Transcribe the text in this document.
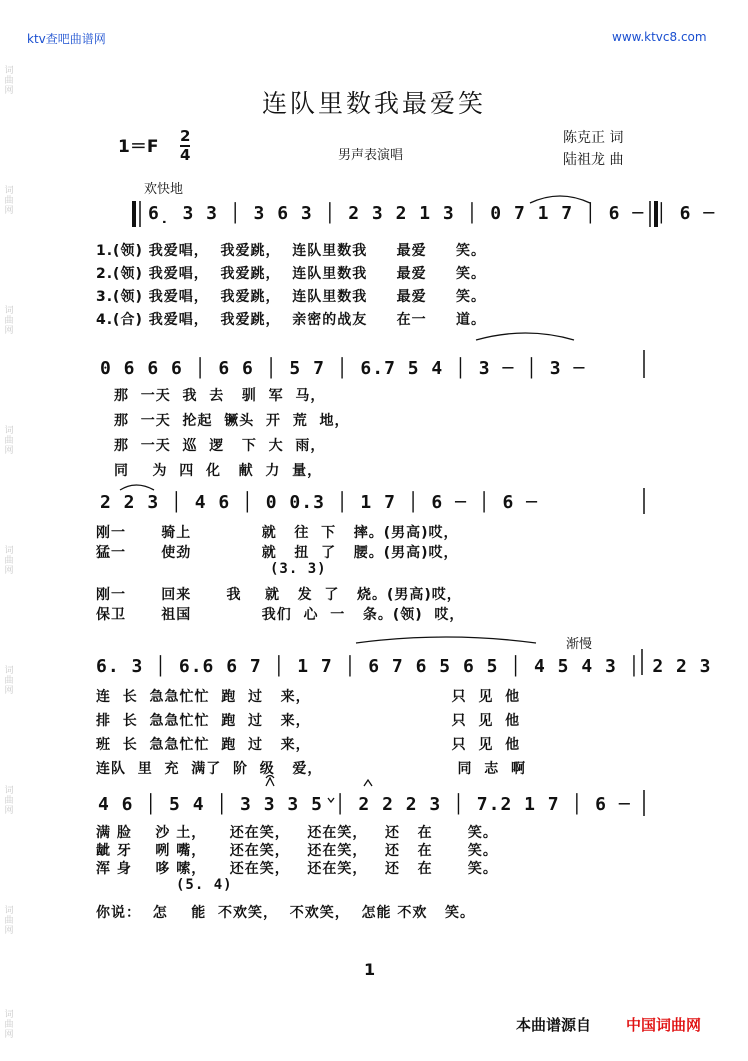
ktv查吧曲谱网	www.ktvc8.com
词曲网
词曲网
词曲网
词曲网
词曲网
词曲网
词曲网
词曲网
词曲网
连队里数我最爱笑
$1=F \frac{2}{4}$	男声表演唱
陈克正 词
陆祖龙 曲
欢快地
6̣ 3 3 │ 3 6 3 │ 2 3 2 1 3 │ 0 7 1 7 │ 6 ─ │ 6 ─
1.(领) 我爱唱，  我爱跳，  连队里数我     最爱     笑。
2.(领) 我爱唱，  我爱跳，  连队里数我     最爱     笑。
3.(领) 我爱唱，  我爱跳，  连队里数我     最爱     笑。
4.(合) 我爱唱，  我爱跳，  亲密的战友     在一     道。
0 6 6 6 │ 6 6 │ 5 7 │ 6.7 5 4 │ 3 ─ │ 3 ─
那  一天  我  去   驯  军  马，
那  一天  抡起  镢头  开  荒  地，
那  一天  巡  逻   下  大  雨，
同    为  四  化   献  力  量，
2 2 3 │ 4 6 │ 0 0.3 │ 1 7 │ 6 ─ │ 6 ─
刚一      骑上            就   往  下   摔。(男高)哎，
猛一      使劲            就   扭  了   腰。(男高)哎，
(3. 3)
刚一      回来      我    就   发  了   烧。(男高)哎，
保卫      祖国            我们  心  一   条。(领)  哎，
渐慢
6. 3 │ 6.6 6 7 │ 1 7 │ 6 7 6 5 6 5 │ 4 5 4 3 │ 2 2 3
连  长  急急忙忙  跑  过   来，                        只  见  他
排  长  急急忙忙  跑  过   来，                        只  见  他
班  长  急急忙忙  跑  过   来，                        只  见  他
连队  里  充  满了  阶  级   爱，                       同  志  啊
4 6 │ 5 4 │ 3 3 3 5 │ 2 2 2 3 │ 7.2 1 7 │ 6 ─
满 脸    沙 土，    还在笑，   还在笑，   还   在      笑。
龇 牙    咧 嘴，    还在笑，   还在笑，   还   在      笑。
浑 身    哆 嗦，    还在笑，   还在笑，   还   在      笑。
(5. 4)
你说：  怎    能  不欢笑，  不欢笑，  怎能 不欢   笑。
1
本曲谱源自 中国词曲网
